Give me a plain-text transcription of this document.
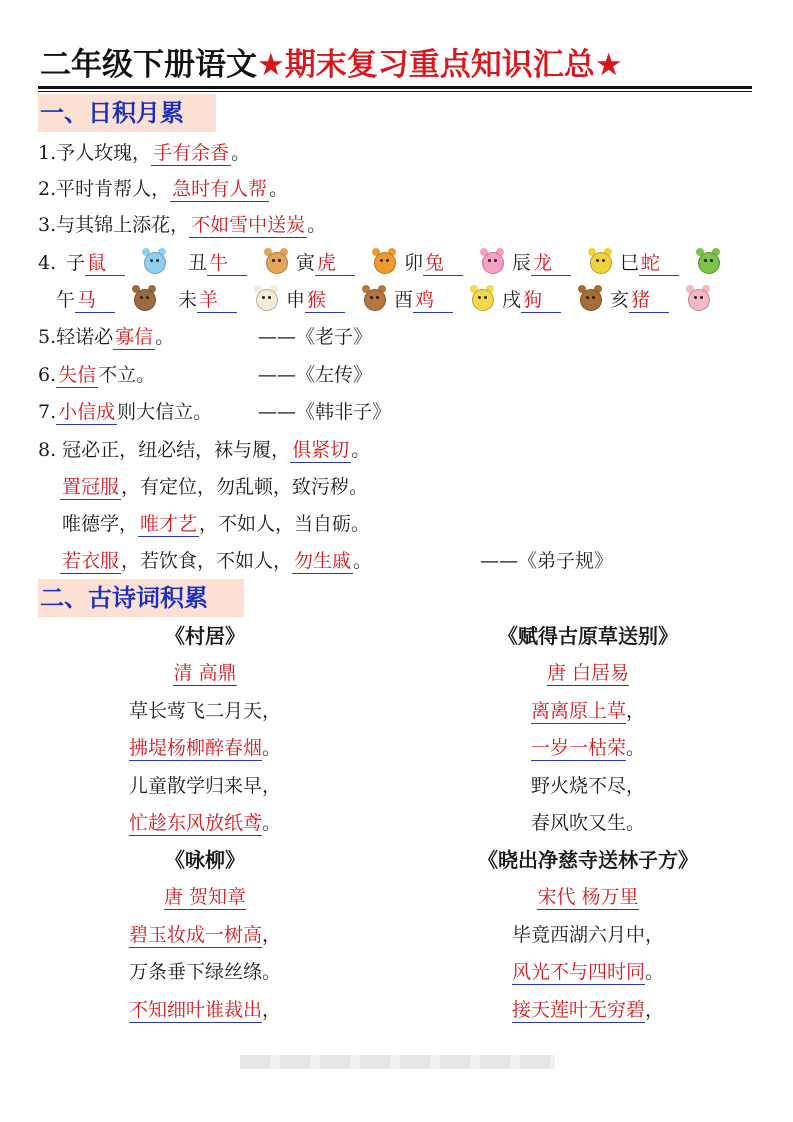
二年级下册语文★期末复习重点知识汇总★
一、日积月累
1.予人玫瑰， 手有余香 。
2.平时肯帮人， 急时有人帮 。
3.与其锦上添花， 不如雪中送炭 。
4. 子 鼠	丑 牛	寅 虎	卯 兔	辰 龙	巳 蛇
午 马	未 羊	申 猴	酉 鸡	戌 狗	亥 猪
5.轻诺必 寡信 。	——《老子》
6. 失信 不立。	——《左传》
7. 小信成 则大信立。 ——《韩非子》
8. 冠必正，纽必结，袜与履， 俱紧切 。
置冠服 ，有定位，勿乱顿，致污秽。
唯德学， 唯才艺 ，不如人，当自砺。
若衣服 ，若饮食，不如人， 勿生戚 。	——《弟子规》
二、古诗词积累
《村居》
清 高鼎
草长莺飞二月天，
拂堤杨柳醉春烟。
儿童散学归来早，
忙趁东风放纸鸢。
《赋得古原草送别》
唐 白居易
离离原上草，
一岁一枯荣。
野火烧不尽，
春风吹又生。
《咏柳》
唐 贺知章
碧玉妆成一树高，
万条垂下绿丝绦。
不知细叶谁裁出，
《晓出净慈寺送林子方》
宋代 杨万里
毕竟西湖六月中，
风光不与四时同。
接天莲叶无穷碧，
